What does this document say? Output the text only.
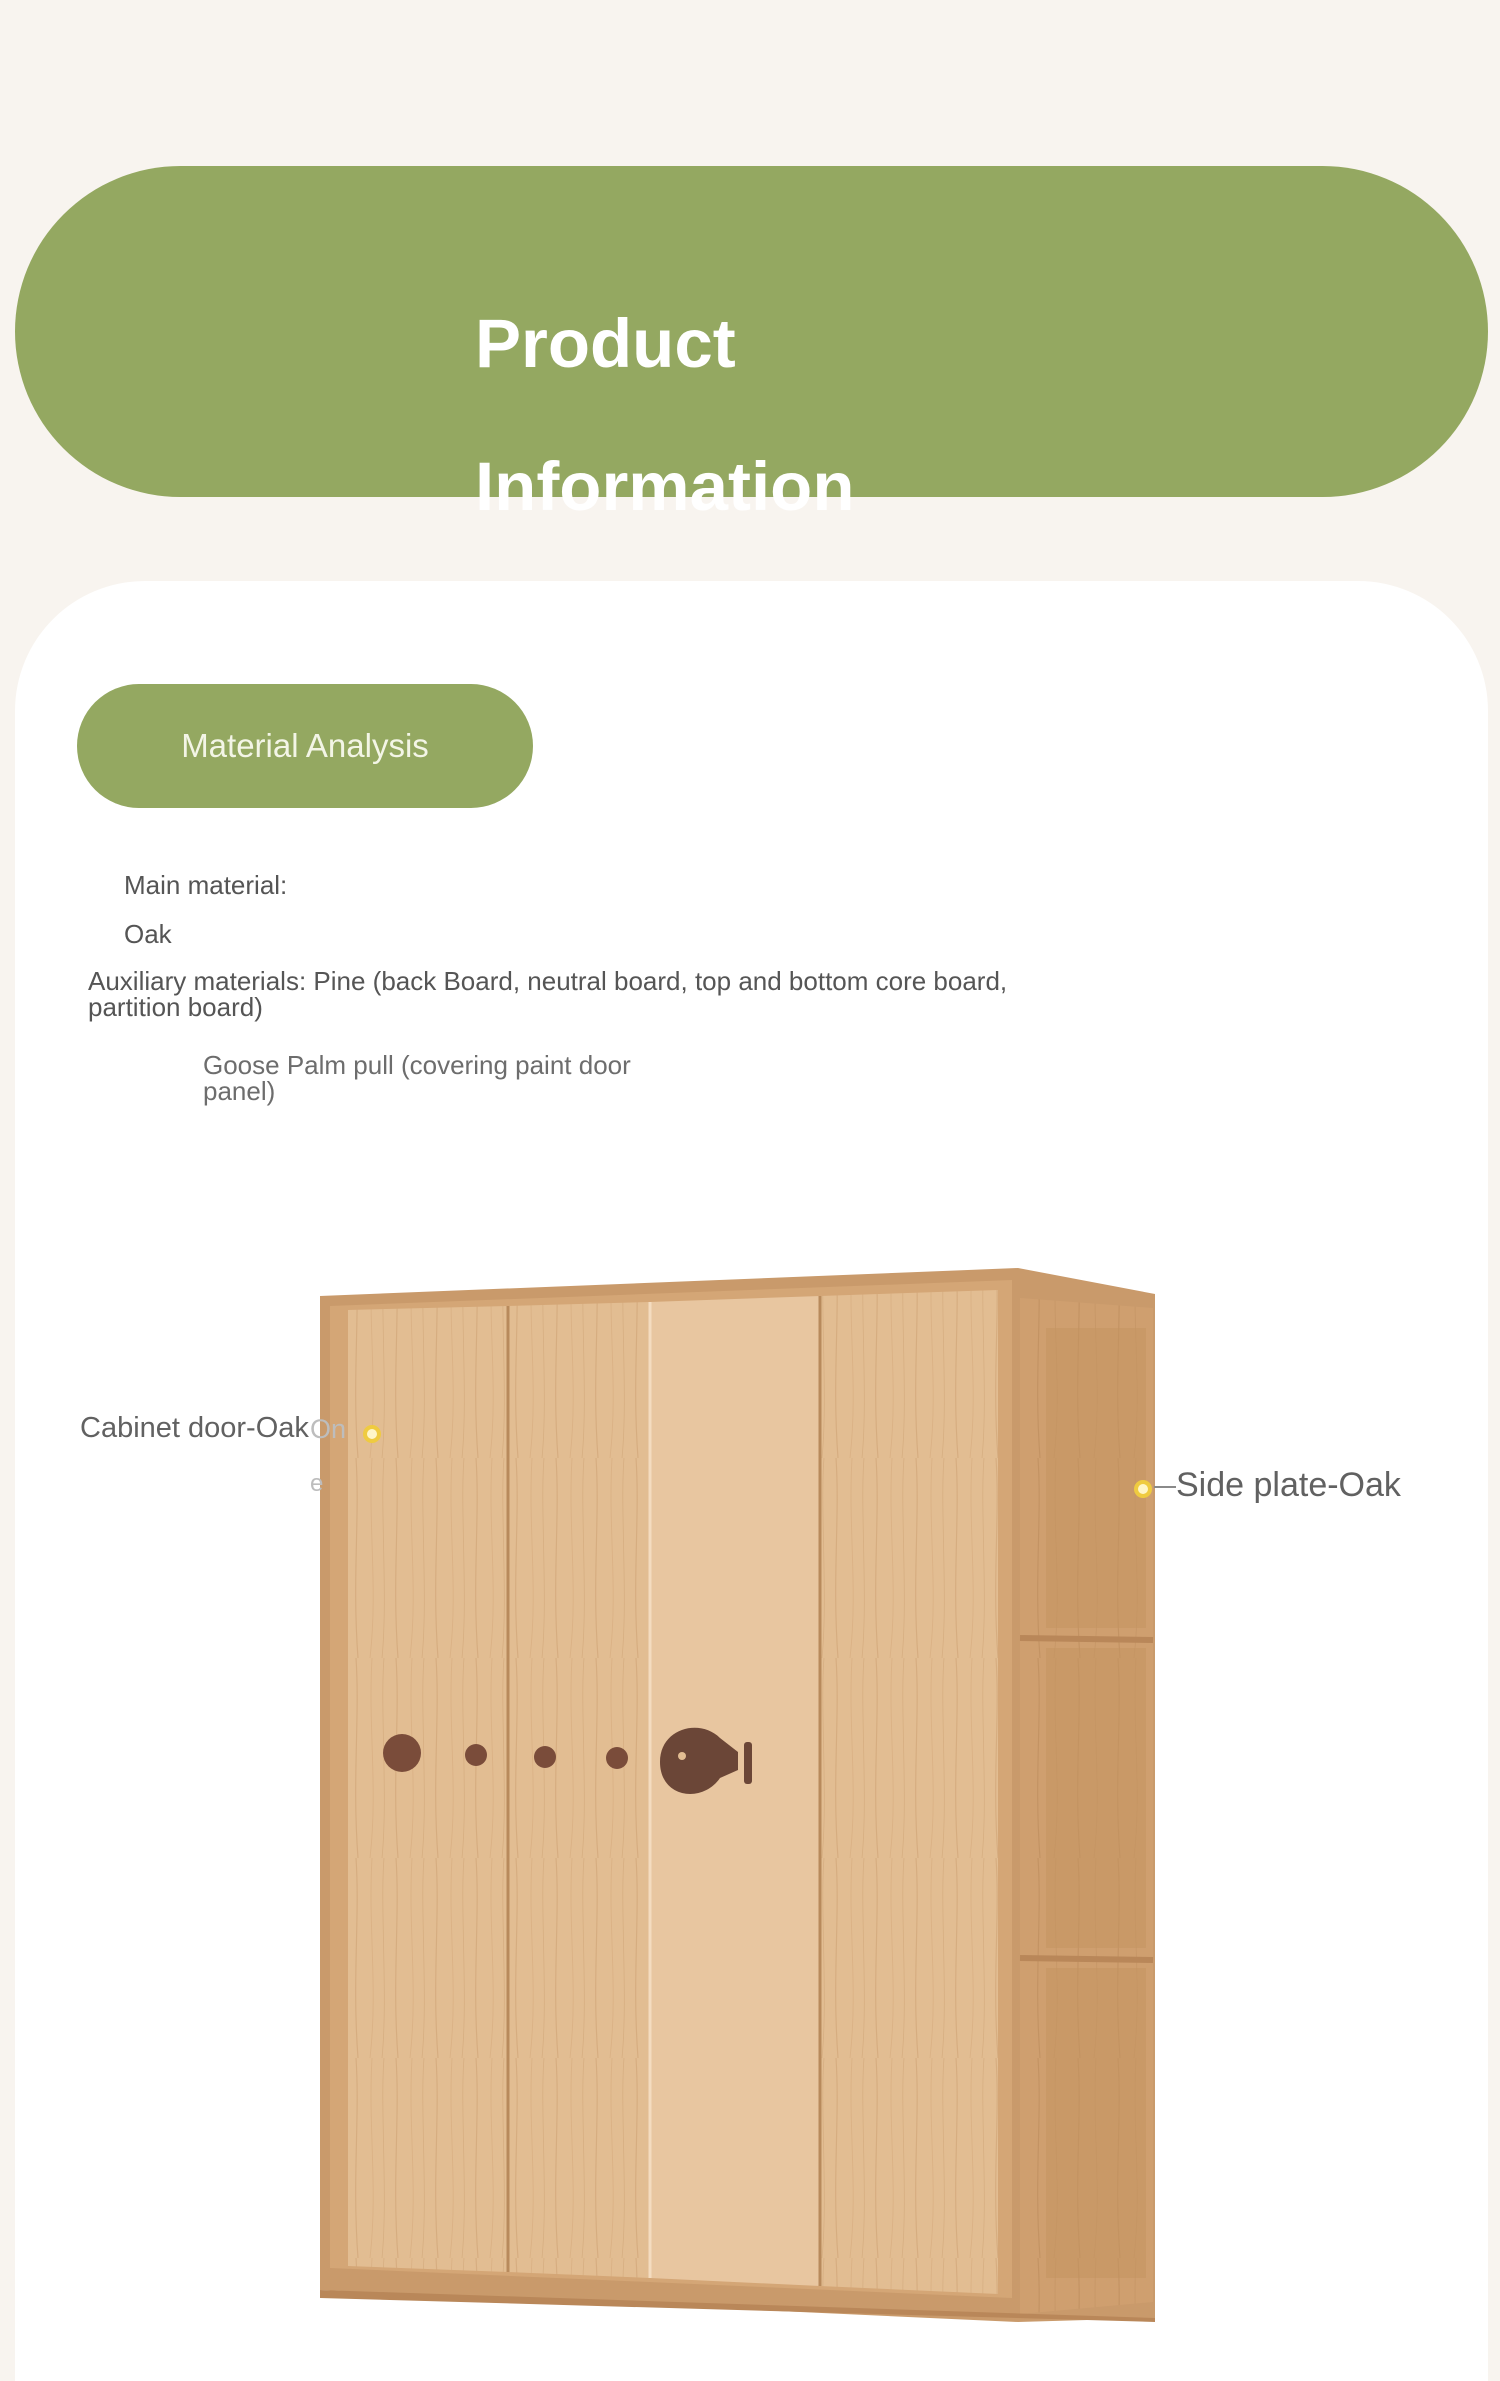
Product Information
Material Analysis
Main material:
Oak
Auxiliary materials: Pine (back Board, neutral board, top and bottom core board, partition board)
Goose Palm pull (covering paint door panel)
Cabinet door-Oak On
e	Side plate-Oak
